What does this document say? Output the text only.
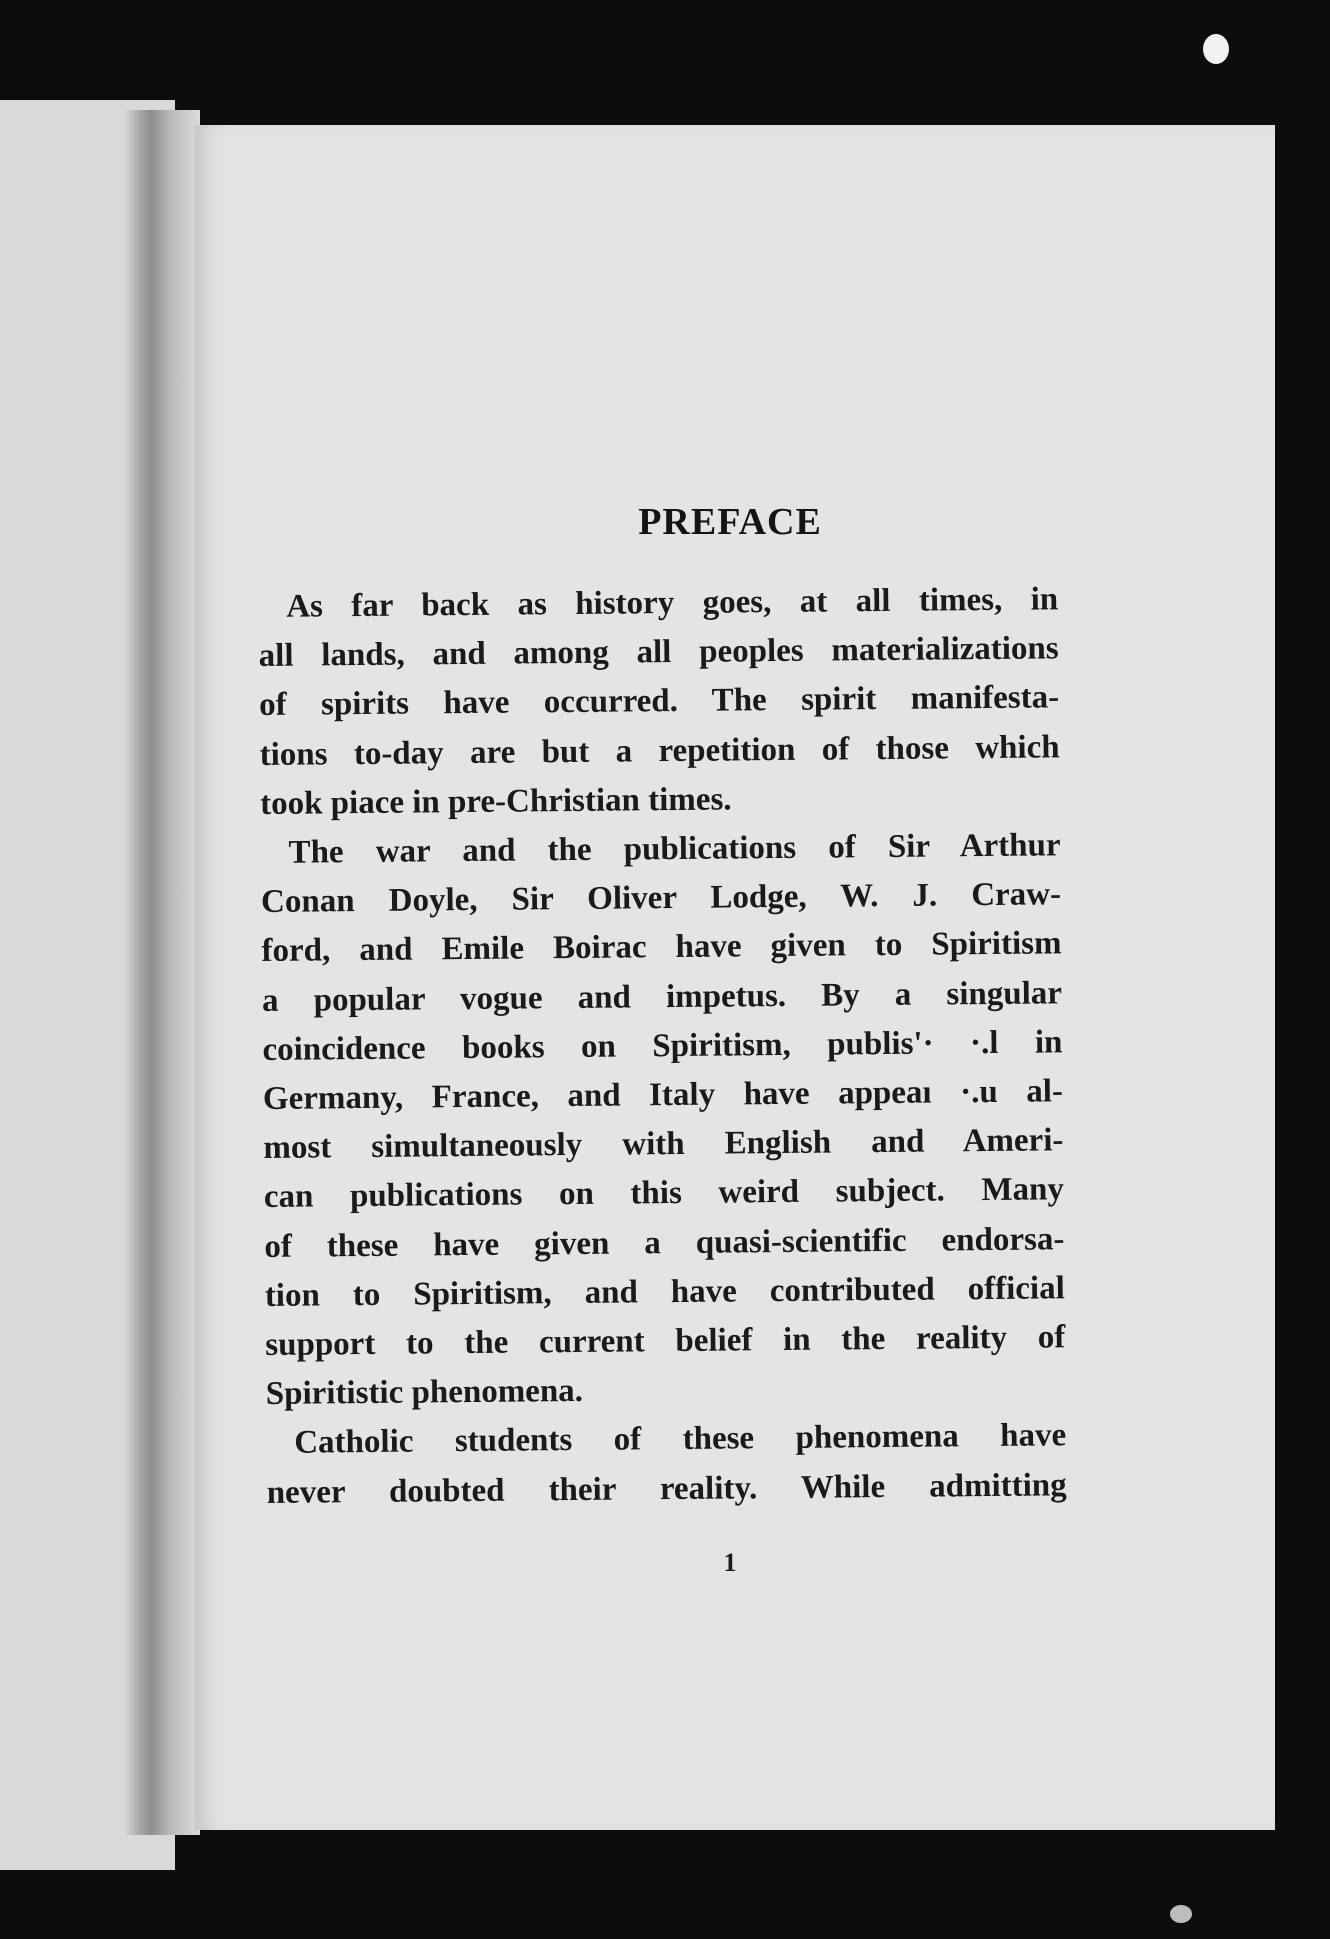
PREFACE
As far back as history goes, at all times, in
all lands, and among all peoples materializations
of spirits have occurred. The spirit manifesta-
tions to-day are but a repetition of those which
took piace in pre-Christian times.
The war and the publications of Sir Arthur
Conan Doyle, Sir Oliver Lodge, W. J. Craw-
ford, and Emile Boirac have given to Spiritism
a popular vogue and impetus. By a singular
coincidence books on Spiritism, publis'· ·.l in
Germany, France, and Italy have appeaı ·.u al-
most simultaneously with English and Ameri-
can publications on this weird subject. Many
of these have given a quasi-scientific endorsa-
tion to Spiritism, and have contributed official
support to the current belief in the reality of
Spiritistic phenomena.
Catholic students of these phenomena have
never doubted their reality. While admitting
1
